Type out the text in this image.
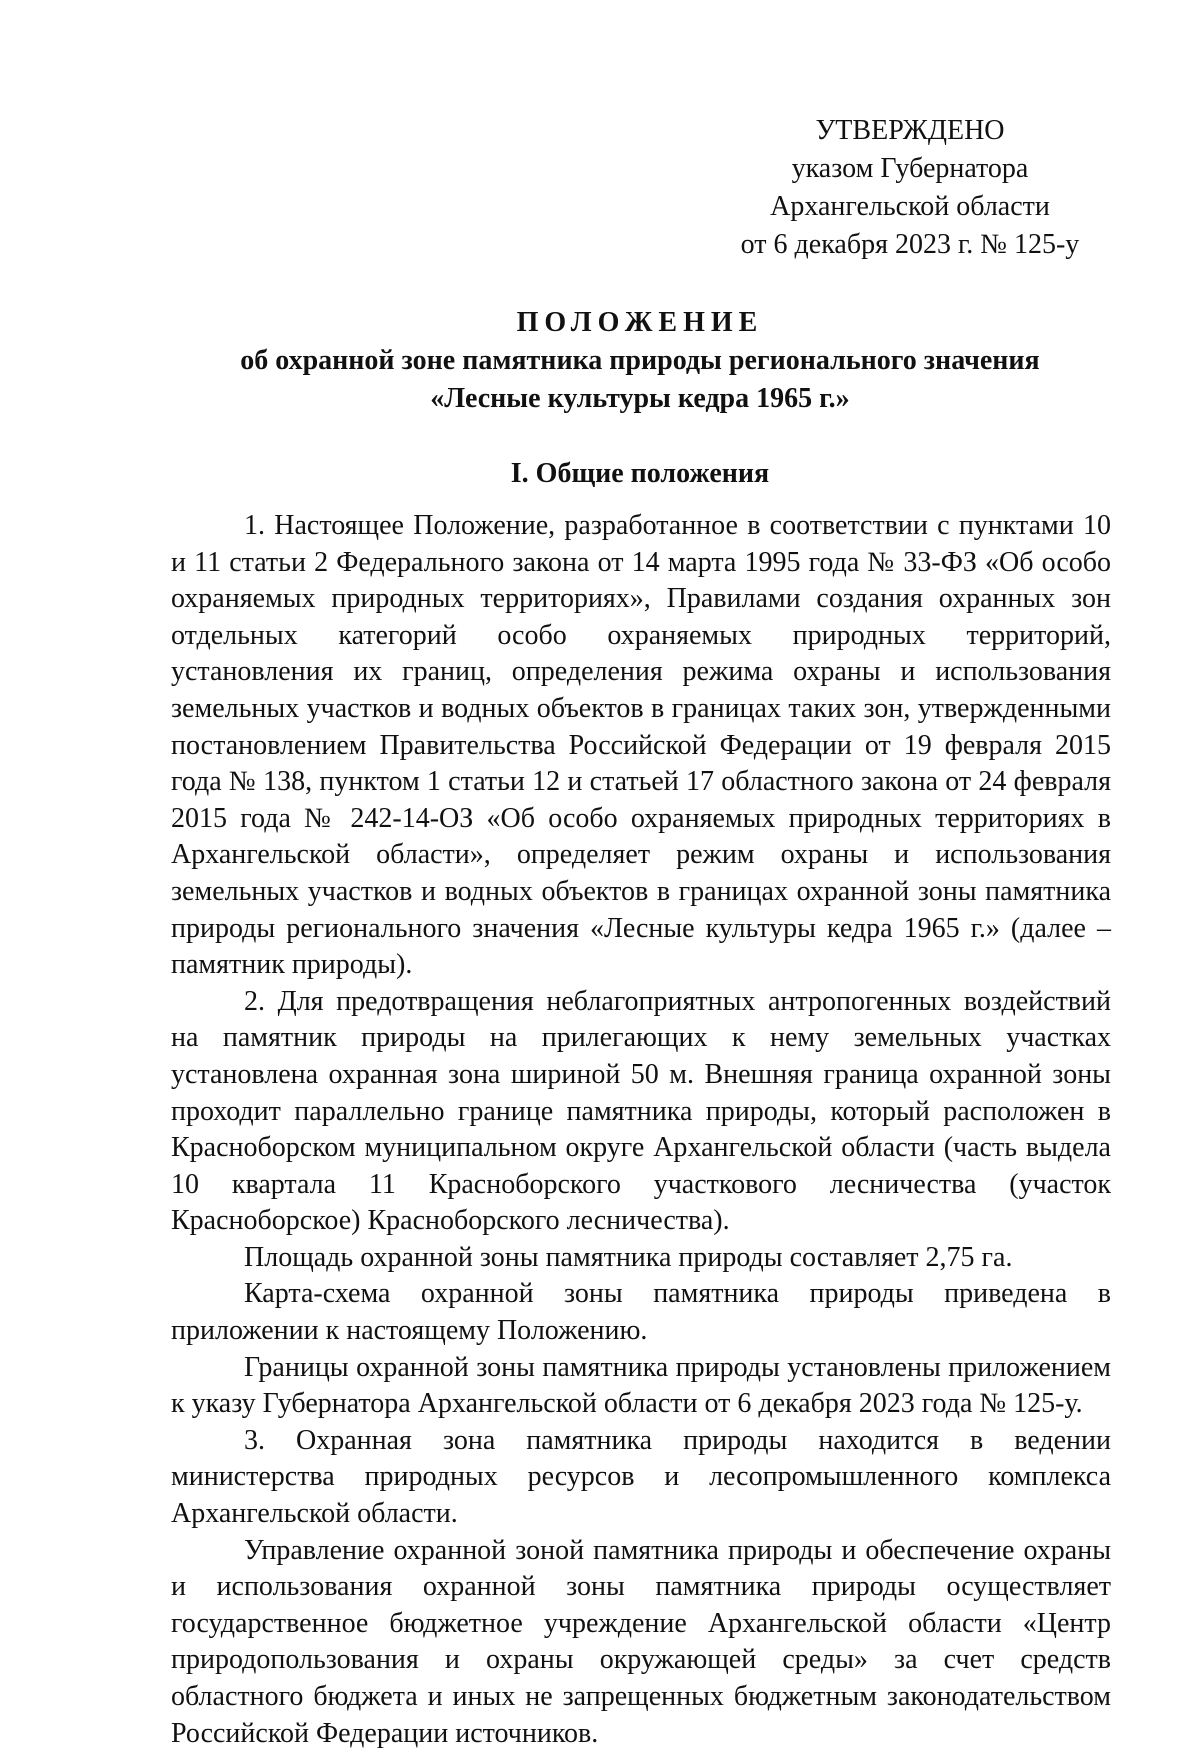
УТВЕРЖДЕНО
указом Губернатора
Архангельской области
от 6 декабря 2023 г. № 125-у
ПОЛОЖЕНИЕ
об охранной зоне памятника природы регионального значения
«Лесные культуры кедра 1965 г.»
I. Общие положения

1. Настоящее Положение, разработанное в соответствии с пунктами 10 и 11 статьи 2 Федерального закона от 14 марта 1995 года № 33-ФЗ «Об особо охраняемых природных территориях», Правилами создания охранных зон отдельных категорий особо охраняемых природных территорий, установления их границ, определения режима охраны и использования земельных участков и водных объектов в границах таких зон, утвержденными постановлением Правительства Российской Федерации от 19 февраля 2015 года № 138, пунктом 1 статьи 12 и статьей 17 областного закона от 24 февраля 2015 года № 242-14-ОЗ «Об особо охраняемых природных территориях в Архангельской области», определяет режим охраны и использования земельных участков и водных объектов в границах охранной зоны памятника природы регионального значения «Лесные культуры кедра 1965 г.» (далее – памятник природы).

2. Для предотвращения неблагоприятных антропогенных воздействий на памятник природы на прилегающих к нему земельных участках установлена охранная зона шириной 50 м. Внешняя граница охранной зоны проходит параллельно границе памятника природы, который расположен в Красноборском муниципальном округе Архангельской области (часть выдела 10 квартала 11 Красноборского участкового лесничества (участок Красноборское) Красноборского лесничества).

Площадь охранной зоны памятника природы составляет 2,75 га.

Карта-схема охранной зоны памятника природы приведена в приложении к настоящему Положению.

Границы охранной зоны памятника природы установлены приложением к указу Губернатора Архангельской области от 6 декабря 2023 года № 125-у.

3. Охранная зона памятника природы находится в ведении министерства природных ресурсов и лесопромышленного комплекса Архангельской области.

Управление охранной зоной памятника природы и обеспечение охраны и использования охранной зоны памятника природы осуществляет государственное бюджетное учреждение Архангельской области «Центр природопользования и охраны окружающей среды» за счет средств областного бюджета и иных не запрещенных бюджетным законодательством Российской Федерации источников.
